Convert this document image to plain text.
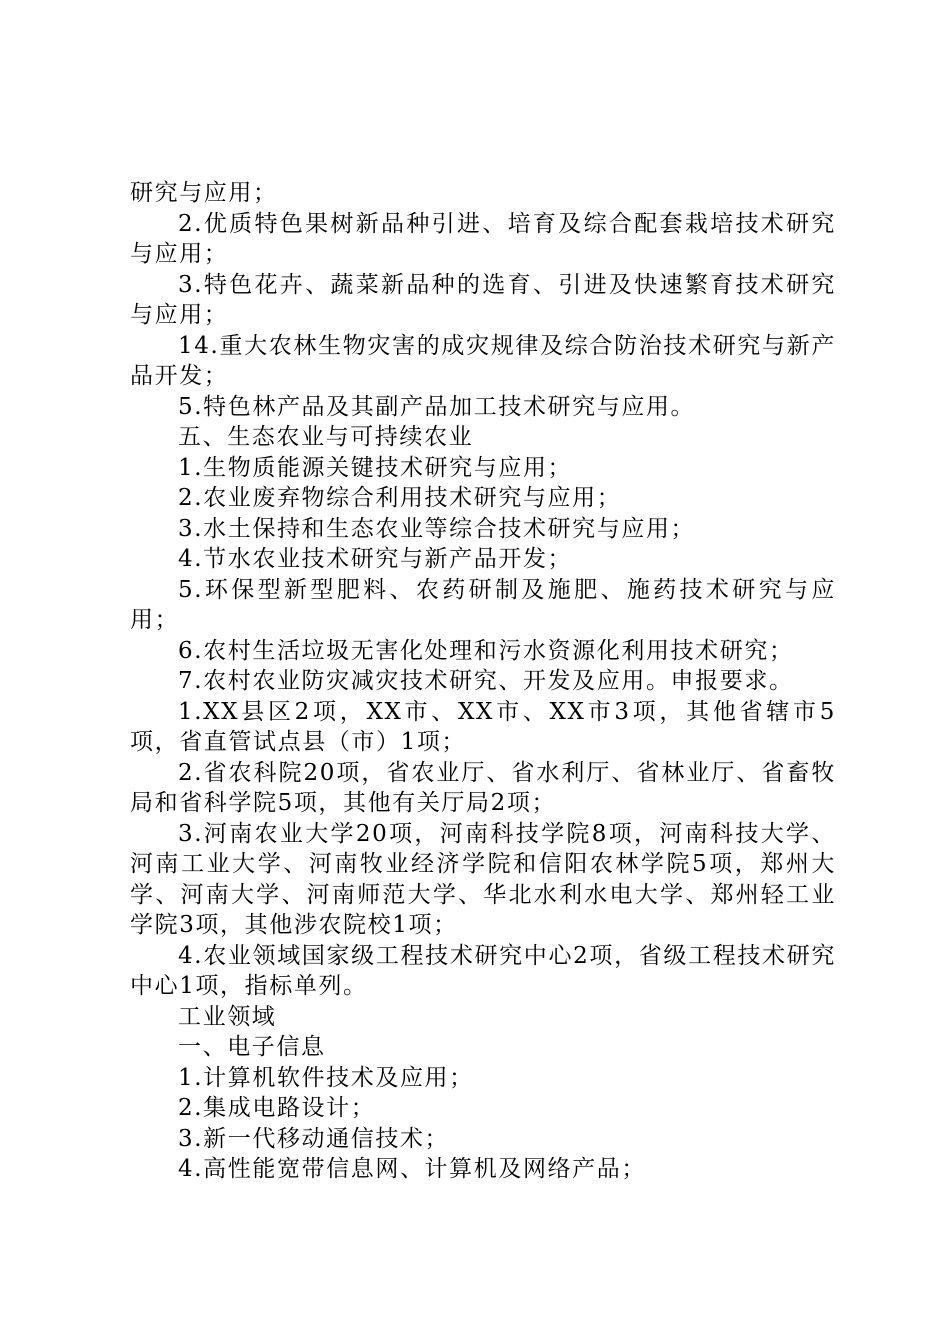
研究与应用；

2.优质特色果树新品种引进、培育及综合配套栽培技术研究与应用；

3.特色花卉、蔬菜新品种的选育、引进及快速繁育技术研究与应用；

14.重大农林生物灾害的成灾规律及综合防治技术研究与新产品开发；

5.特色林产品及其副产品加工技术研究与应用。

五、生态农业与可持续农业

1.生物质能源关键技术研究与应用；

2.农业废弃物综合利用技术研究与应用；

3.水土保持和生态农业等综合技术研究与应用；

4.节水农业技术研究与新产品开发；

5.环保型新型肥料、农药研制及施肥、施药技术研究与应用；

6.农村生活垃圾无害化处理和污水资源化利用技术研究；

7.农村农业防灾减灾技术研究、开发及应用。申报要求。

1.XX县区2项，XX市、XX市、XX市3项，其他省辖市5项，省直管试点县（市）1项；

2.省农科院20项，省农业厅、省水利厅、省林业厅、省畜牧局和省科学院5项，其他有关厅局2项；

3.河南农业大学20项，河南科技学院8项，河南科技大学、河南工业大学、河南牧业经济学院和信阳农林学院5项，郑州大学、河南大学、河南师范大学、华北水利水电大学、郑州轻工业学院3项，其他涉农院校1项；

4.农业领域国家级工程技术研究中心2项，省级工程技术研究中心1项，指标单列。

工业领域

一、电子信息

1.计算机软件技术及应用；

2.集成电路设计；

3.新一代移动通信技术；

4.高性能宽带信息网、计算机及网络产品；
